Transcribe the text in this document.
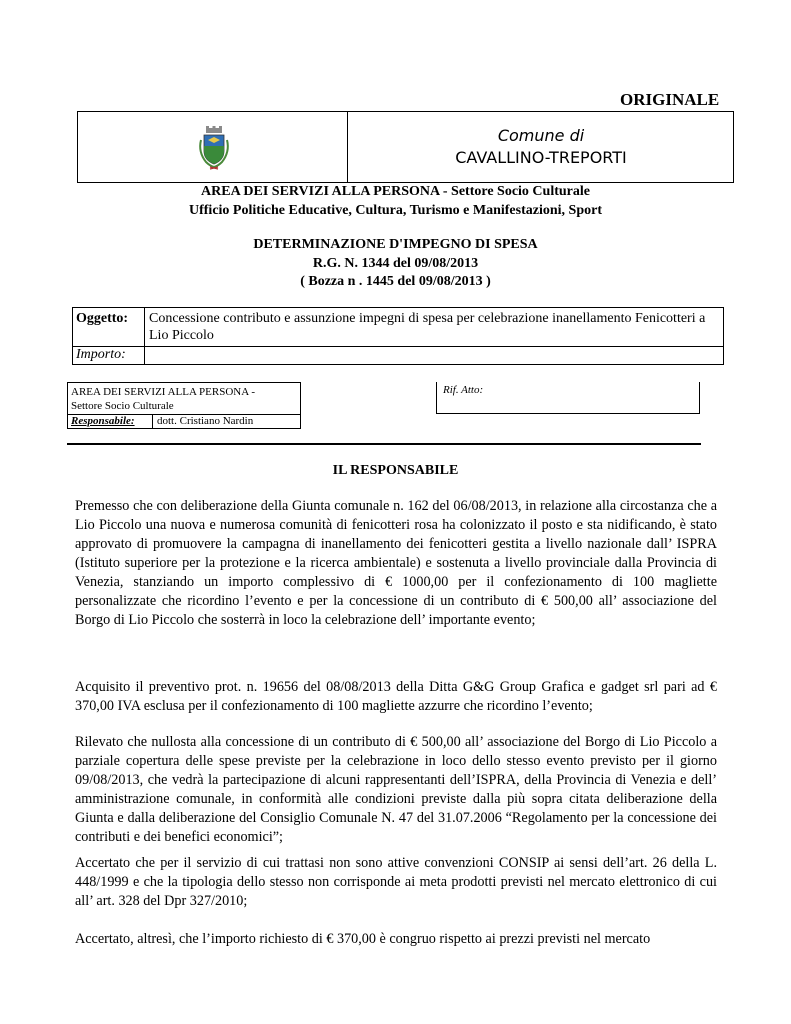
ORIGINALE
Comune di
CAVALLINO-TREPORTI
AREA DEI SERVIZI ALLA PERSONA - Settore Socio Culturale
Ufficio Politiche Educative, Cultura, Turismo e Manifestazioni, Sport
DETERMINAZIONE D'IMPEGNO DI SPESA
R.G. N. 1344 del 09/08/2013
( Bozza n . 1445 del 09/08/2013 )
Oggetto: Concessione contributo e assunzione impegni di spesa per celebrazione inanellamento Fenicotteri a Lio Piccolo
Importo:
AREA DEI SERVIZI ALLA PERSONA -
Settore Socio Culturale
Responsabile: dott. Cristiano Nardin
Rif. Atto:
IL RESPONSABILE
Premesso che con deliberazione della Giunta comunale n. 162 del 06/08/2013, in relazione alla circostanza che a Lio Piccolo una nuova e numerosa comunità di fenicotteri rosa ha colonizzato il posto e sta nidificando, è stato approvato di promuovere la campagna di inanellamento dei fenicotteri gestita a livello nazionale dall’ ISPRA (Istituto superiore per la protezione e la ricerca ambientale) e sostenuta a livello provinciale dalla Provincia di Venezia, stanziando un importo complessivo di € 1000,00 per il confezionamento di 100 magliette personalizzate che ricordino l’evento e per la concessione di un contributo di € 500,00 all’ associazione del Borgo di Lio Piccolo che sosterrà in loco la celebrazione dell’ importante evento;
Acquisito il preventivo prot. n. 19656 del 08/08/2013 della Ditta G&G Group Grafica e gadget srl pari ad € 370,00 IVA esclusa per il confezionamento di 100 magliette azzurre che ricordino l’evento;
Rilevato che nullosta alla concessione di un contributo di € 500,00 all’ associazione del Borgo di Lio Piccolo a parziale copertura delle spese previste per la celebrazione in loco dello stesso evento previsto per il giorno 09/08/2013, che vedrà la partecipazione di alcuni rappresentanti dell’ISPRA, della Provincia di Venezia e dell’ amministrazione comunale, in conformità alle condizioni previste dalla più sopra citata deliberazione della Giunta e dalla deliberazione del Consiglio Comunale N. 47 del 31.07.2006 “Regolamento per la concessione dei contributi e dei benefici economici”;
Accertato che per il servizio di cui trattasi non sono attive convenzioni CONSIP ai sensi dell’art. 26 della L. 448/1999 e che la tipologia dello stesso non corrisponde ai meta prodotti previsti nel mercato elettronico di cui all’ art. 328 del Dpr 327/2010;
Accertato, altresì, che l’importo richiesto di € 370,00 è congruo rispetto ai prezzi previsti nel mercato
